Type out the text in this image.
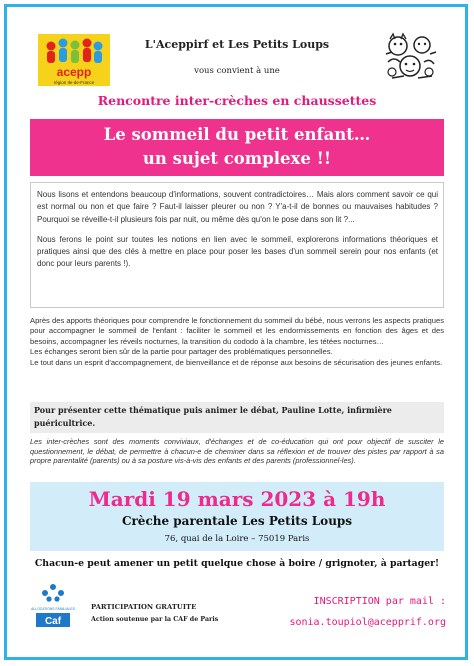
acepp
région Ile-de-France
L'Aceppirf et Les Petits Loups
vous convient à une
Rencontre inter-crèches en chaussettes
Le sommeil du petit enfant…
un sujet complexe !!

Nous lisons et entendons beaucoup d'informations, souvent contradictoires… Mais alors comment savoir ce qui est normal ou non et que faire ? Faut-il laisser pleurer ou non ? Y'a-t-il de bonnes ou mauvaises habitudes ? Pourquoi se réveille-t-il plusieurs fois par nuit, ou même dès qu'on le pose dans son lit ?...

Nous ferons le point sur toutes les notions en lien avec le sommeil, explorerons informations théoriques et pratiques ainsi que des clés à mettre en place pour poser les bases d'un sommeil serein pour nos enfants (et donc pour leurs parents !).

Après des apports théoriques pour comprendre le fonctionnement du sommeil du bébé, nous verrons les aspects pratiques pour accompagner le sommeil de l'enfant : faciliter le sommeil et les endormissements en fonction des âges et des besoins, accompagner les réveils nocturnes, la transition du cododo à la chambre, les tétées nocturnes…

Les échanges seront bien sûr de la partie pour partager des problématiques personnelles.

Le tout dans un esprit d'accompagnement, de bienveillance et de réponse aux besoins de sécurisation des jeunes enfants.

Pour présenter cette thématique puis animer le débat, Pauline Lotte, infirmière puéricultrice.
Les inter-crèches sont des moments conviviaux, d'échanges et de co-éducation qui ont pour objectif de susciter le questionnement, le débat, de permettre à chacun-e de cheminer dans sa réflexion et de trouver des pistes par rapport à sa propre parentalité (parents) ou à sa posture vis-à-vis des enfants et des parents (professionnel-les).
Mardi 19 mars 2023 à 19h
Crèche parentale Les Petits Loups
76, quai de la Loire – 75019 Paris
Chacun-e peut amener un petit quelque chose à boire / grignoter, à partager!
ALLOCATIONS FAMILIALES
Caf
PARTICIPATION GRATUITE
Action soutenue par la CAF de Paris
INSCRIPTION par mail :
sonia.toupiol@acepprif.org
